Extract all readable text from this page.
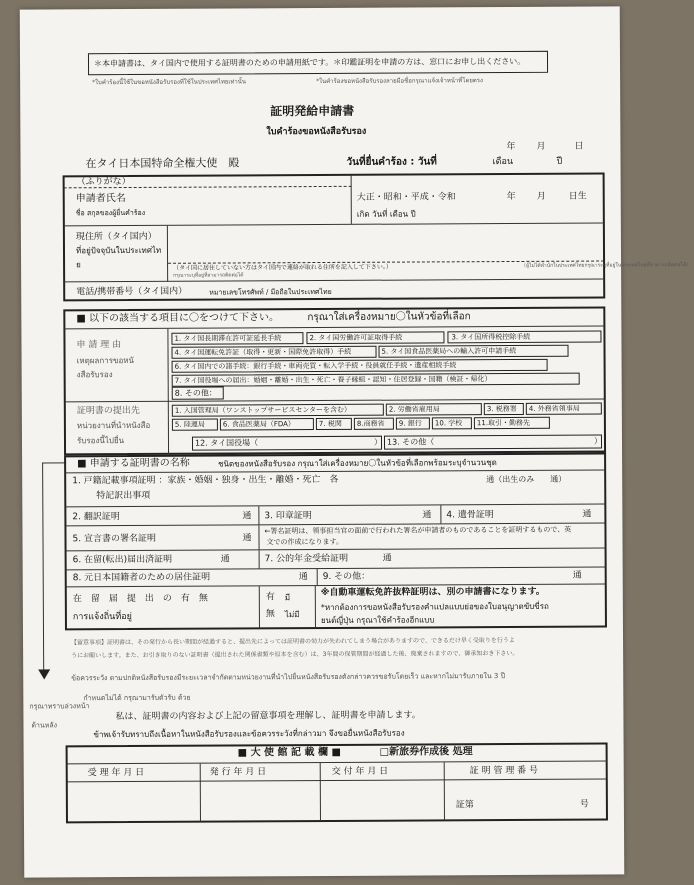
＊本申請書は、タイ国内で使用する証明書のための申請用紙です。＊印鑑証明を申請の方は、窓口にお申し出ください。
*ใบคำร้องนี้ใช้ในขอหนังสือรับรองที่ใช้ในประเทศไทยเท่านั้น	*ในคำร้องขอหนังสือรับรองลายมือชื่อกรุณาแจ้งเจ้าหน้าที่โดยตรง
証明発給申請書
ใบคำร้องขอหนังสือรับรอง
年 月	日
在タイ日本国特命全権大使　殿	วันที่ยื่นคำร้อง : วันที่	เดือน	ปี
（ふりがな）
申請者氏名
ชื่อ สกุลของผู้ยื่นคำร้อง
大正・昭和・平成・令和	年 月	日生
เกิด วันที่ เดือน ปี
現住所（タイ国内）
ที่อยู่ปัจจุบันในประเทศไท
ย	（タイ国に居住していない方はタイ国内で連絡が取れる住所を記入して下さい。）
กรุณาระบุที่อยู่ที่สามารถติดต่อได้
（ผู้ไม่ได้พำนักในประเทศไทยกรุณาระบุที่อยู่ในประเทศไทยที่สามารถติดต่อได้）
電話/携帯番号（タイ国内）	หมายเลขโทรศัพท์ / มือถือในประเทศไทย
■ 以下の該当する項目に〇をつけて下さい。	กรุณาใส่เครื่องหมาย〇ในหัวข้อที่เลือก
申 請 理 由
เหตุผลการขอหนั
งสือรับรอง
1. タイ国長期滞在許可証延長手続	2. タイ国労働許可証取得手続	3. タイ国所得税控除手続
4. タイ国運転免許証（取得・更新・国際免許取得）手続	5. タイ国食品医薬局への輸入許可申請手続
6. タイ国内での諸手続：銀行手続・車両売買・転入学手続・役員就任手続・遺産相続手続
7. タイ国役場への届出：婚姻・離婚・出生・死亡・養子縁組・認知・住居登録・国籍（検証・帰化）
8. その他：
証明書の提出先
หน่วยงานที่นำหนังสือ
รับรองนี้ไปยื่น
1. 入国管理局（ワンストップサービスセンターを含む）	2. 労働省雇用局	3. 税務署 4. 外務省領事局
5. 陸運局	6. 食品医薬局（FDA）	7. 税関 8.商務省 9. 銀行 10. 学校 11.取引・勤務先
12. タイ国役場（	） 13. その他（	）
■ 申請する証明書の名称	ชนิดของหนังสือรับรอง กรุณาใส่เครื่องหมาย〇ในหัวข้อที่เลือกพร้อมระบุจำนวนชุด
1. 戸籍記載事項証明 ：家族・婚姻・独身・出生・離婚・死亡　各	通（出生のみ　　通）
特記訳出事項
2. 翻訳証明	通 3. 印章証明	通 4. 遺骨証明	通
5. 宣言書の署名証明	通
←署名証明は、領事担当官の面前で行われた署名が申請者のものであることを証明するもので、英
文での作成になります。
6. 在留(転出)届出済証明	通	7. 公的年金受給証明	通
8. 元日本国籍者のための居住証明	通 9. その他：	通
在　留　届　提　出　の　有　無
การแจ้งถิ่นที่อยู่
有 มี
無 ไม่มี
※自動車運転免許抜粋証明は、別の申請書になります。
*หากต้องการขอหนังสือรับรองคำแปลแบบย่อของใบอนุญาตขับขี่รถ
ยนต์ญี่ปุ่น กรุณาใช้คำร้องอีกแบบ
【留意事項】証明書は、その発行から長い期間が経過すると、提出先によっては証明書の効力が失われてしまう場合がありますので、できるだけ早く受取りを行うよ
うにお願いします。また、お引き取りのない証明書（提出された関係書類や原本を含む）は、3年間の保管期間が経過した後、廃棄されますので、御承知おき下さい。
ข้อควรระวัง ตามปกติหนังสือรับรองมีระยะเวลาจำกัดตามหน่วยงานที่นำไปยื่นหนังสือรับรองดังกล่าวควรขอรับโดยเร็ว และหากไม่มารับภายใน 3 ปี
กรุณาทราบล่วงหน้า
กำหนดไม่ได้ กรุณามารับตัวรับ ด้วย
ด้านหลัง
私は、証明書の内容および上記の留意事項を理解し、証明書を申請します。
ข้าพเจ้ารับทราบถึงเนื้อหาในหนังสือรับรองและข้อควรระวังที่กล่าวมา จึงขอยื่นหนังสือรับรอง
■ 大 使 館 記 載 欄 ■	□新旅券作成後 処理
受 理 年 月 日	発 行 年 月 日	交 付 年 月 日	証 明 管 理 番 号
証第	号
